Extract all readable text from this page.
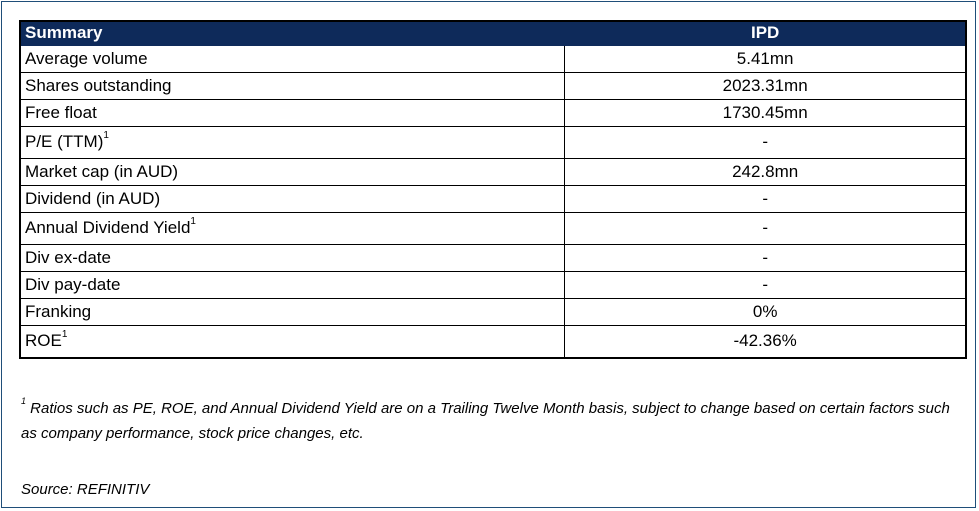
Summary	IPD
Average volume	5.41mn
Shares outstanding	2023.31mn
Free float	1730.45mn
P/E (TTM)$^1$	-
Market cap (in AUD)	242.8mn
Dividend (in AUD)	-
Annual Dividend Yield$^1$	-
Div ex-date	-
Div pay-date	-
Franking	0%
ROE$^1$	-42.36%

$^1$ Ratios such as PE, ROE, and Annual Dividend Yield are on a Trailing Twelve Month basis, subject to change based on certain factors such as company performance, stock price changes, etc.

Source: REFINITIV
